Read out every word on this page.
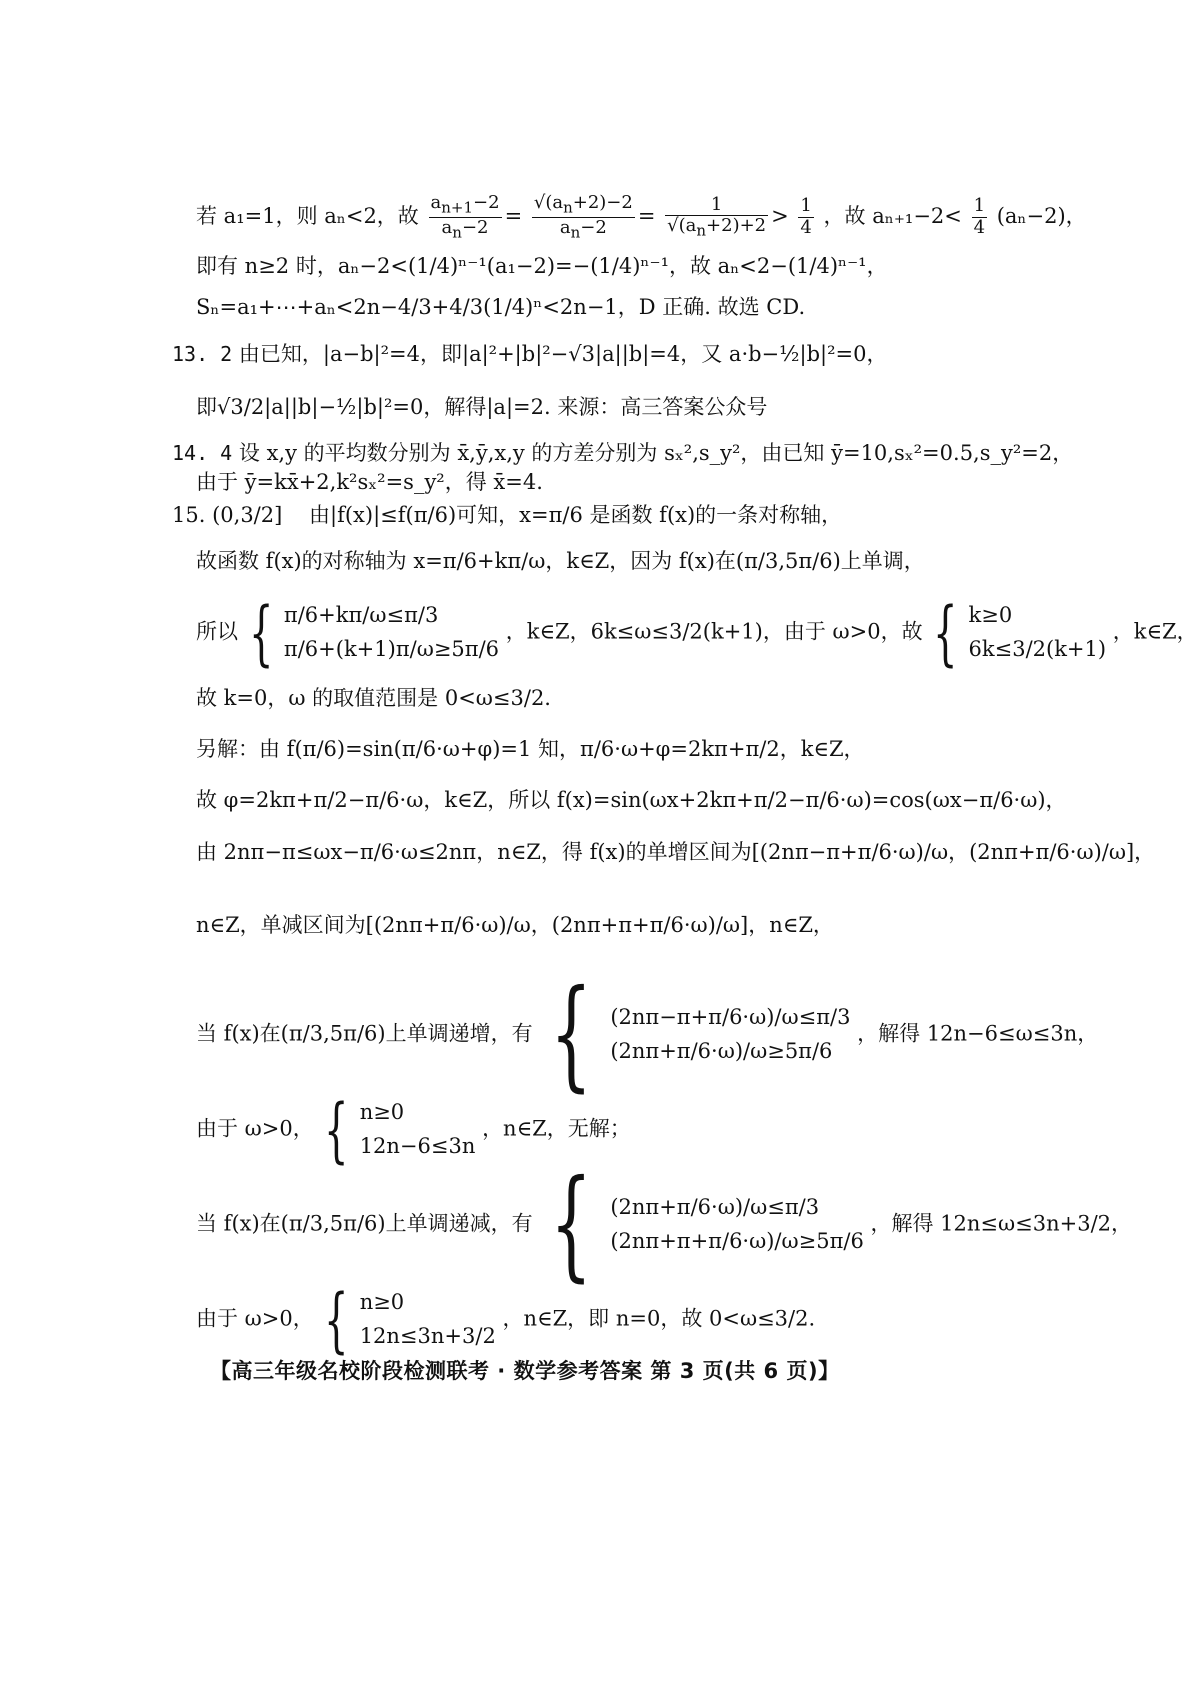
若 a₁=1，则 aₙ<2，故 $\frac{a_{n+1}-2}{a_n-2} = \frac{√(a_n+2)-2}{a_n-2} = \frac{1}{√(a_n+2)+2} > \frac{1}{4}$ ，故 $a_{n+1}-2< \frac{1}{4} (a_n-2)$，
即有 n≥2 时，aₙ−2<(1/4)ⁿ⁻¹(a₁−2)=−(1/4)ⁿ⁻¹，故 aₙ<2−(1/4)ⁿ⁻¹，
Sₙ=a₁+⋯+aₙ<2n−4/3+4/3(1/4)ⁿ<2n−1，D 正确. 故选 CD.
13. 2 由已知，|a−b|²=4，即|a|²+|b|²−√3|a||b|=4，又 a·b−½|b|²=0，
即√3/2|a||b|−½|b|²=0，解得|a|=2. 来源：高三答案公众号
14. 4 设 x,y 的平均数分别为 x̄,ȳ,x,y 的方差分别为 sₓ²,s_y²，由已知 ȳ=10,sₓ²=0.5,s_y²=2，
由于 ȳ=kx̄+2,k²sₓ²=s_y²，得 x̄=4.
15. (0,3/2] 由|f(x)|≤f(π/6)可知，x=π/6 是函数 f(x)的一条对称轴，
故函数 f(x)的对称轴为 x=π/6+kπ/ω，k∈Z，因为 f(x)在(π/3,5π/6)上单调，
所以 { π/6+kπ/ω≤π/3
π/6+(k+1)π/ω≥5π/6
，k∈Z，6k≤ω≤3/2(k+1)，由于 ω>0，故 { k≥0
6k≤3/2(k+1)
，k∈Z，
故 k=0，ω 的取值范围是 0<ω≤3/2.
另解：由 f(π/6)=sin(π/6·ω+φ)=1 知，π/6·ω+φ=2kπ+π/2，k∈Z，
故 φ=2kπ+π/2−π/6·ω，k∈Z，所以 f(x)=sin(ωx+2kπ+π/2−π/6·ω)=cos(ωx−π/6·ω)，
由 2nπ−π≤ωx−π/6·ω≤2nπ，n∈Z，得 f(x)的单增区间为[(2nπ−π+π/6·ω)/ω，(2nπ+π/6·ω)/ω]，
n∈Z，单减区间为[(2nπ+π/6·ω)/ω，(2nπ+π+π/6·ω)/ω]，n∈Z，
当 f(x)在(π/3,5π/6)上单调递增，有 { (2nπ−π+π/6·ω)/ω≤π/3
(2nπ+π/6·ω)/ω≥5π/6
，解得 12n−6≤ω≤3n，
由于 ω>0， { n≥0
12n−6≤3n
，n∈Z，无解；
当 f(x)在(π/3,5π/6)上单调递减，有 { (2nπ+π/6·ω)/ω≤π/3
(2nπ+π+π/6·ω)/ω≥5π/6
，解得 12n≤ω≤3n+3/2，
由于 ω>0， { n≥0
12n≤3n+3/2
，n∈Z，即 n=0，故 0<ω≤3/2.
【高三年级名校阶段检测联考 · 数学参考答案 第 3 页(共 6 页)】
